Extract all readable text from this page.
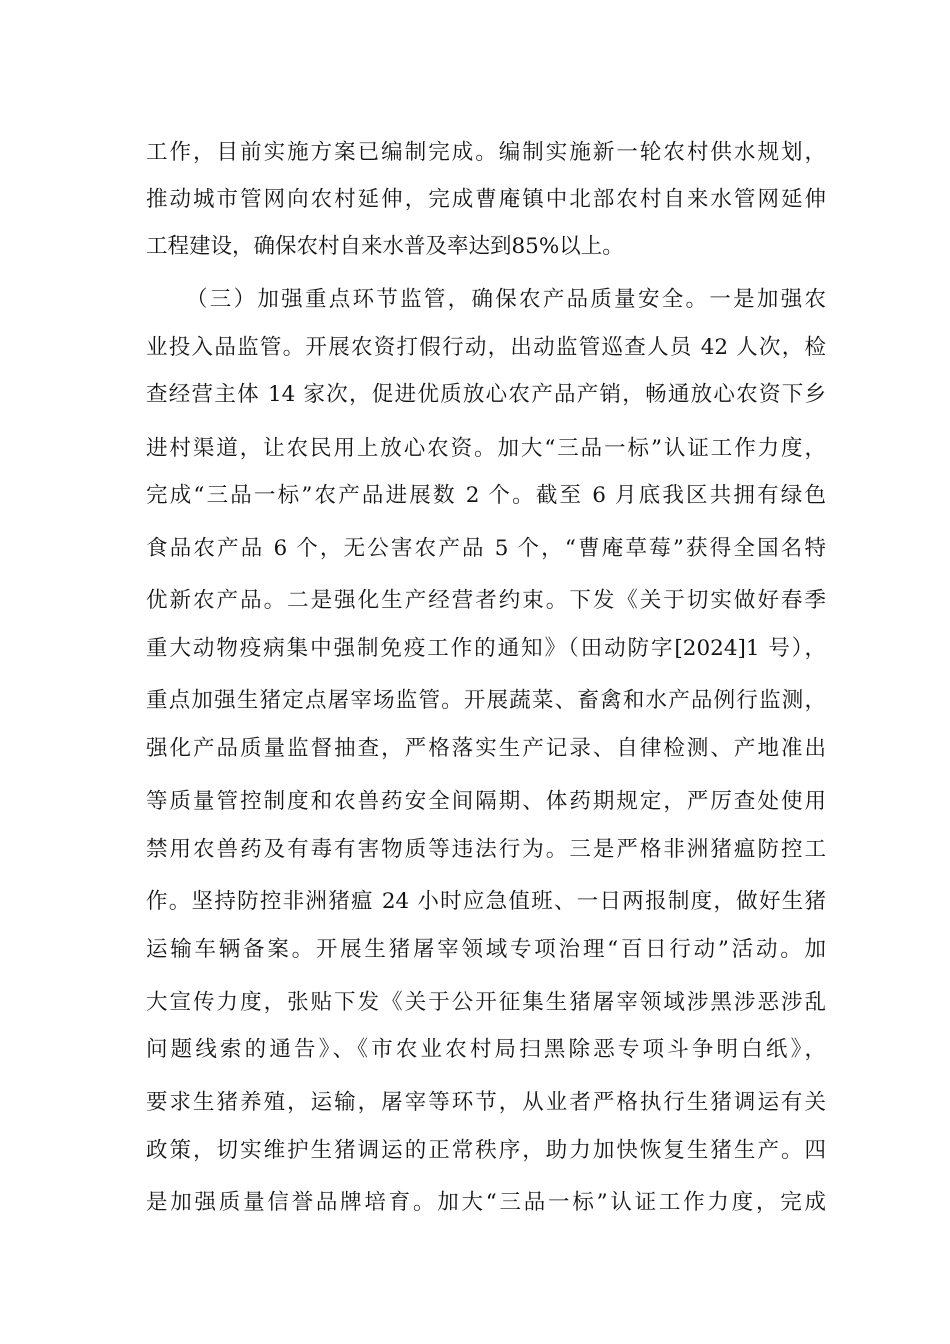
工作，目前实施方案已编制完成。编制实施新一轮农村供水规划，
推动城市管网向农村延伸，完成曹庵镇中北部农村自来水管网延伸
工程建设，确保农村自来水普及率达到85%以上。
（三）加强重点环节监管，确保农产品质量安全。一是加强农
业投入品监管。开展农资打假行动，出动监管巡查人员 42 人次，检
查经营主体 14 家次，促进优质放心农产品产销，畅通放心农资下乡
进村渠道，让农民用上放心农资。加大“三品一标”认证工作力度，
完成“三品一标”农产品进展数 2 个。截至 6 月底我区共拥有绿色
食品农产品 6 个，无公害农产品 5 个，“曹庵草莓”获得全国名特
优新农产品。二是强化生产经营者约束。下发《关于切实做好春季
重大动物疫病集中强制免疫工作的通知》（田动防字[2024]1 号），
重点加强生猪定点屠宰场监管。开展蔬菜、畜禽和水产品例行监测，
强化产品质量监督抽查，严格落实生产记录、自律检测、产地准出
等质量管控制度和农兽药安全间隔期、体药期规定，严厉查处使用
禁用农兽药及有毒有害物质等违法行为。三是严格非洲猪瘟防控工
作。坚持防控非洲猪瘟 24 小时应急值班、一日两报制度，做好生猪
运输车辆备案。开展生猪屠宰领域专项治理“百日行动”活动。加
大宣传力度，张贴下发《关于公开征集生猪屠宰领域涉黑涉恶涉乱
问题线索的通告》、《市农业农村局扫黑除恶专项斗争明白纸》，
要求生猪养殖，运输，屠宰等环节，从业者严格执行生猪调运有关
政策，切实维护生猪调运的正常秩序，助力加快恢复生猪生产。四
是加强质量信誉品牌培育。加大“三品一标”认证工作力度，完成
